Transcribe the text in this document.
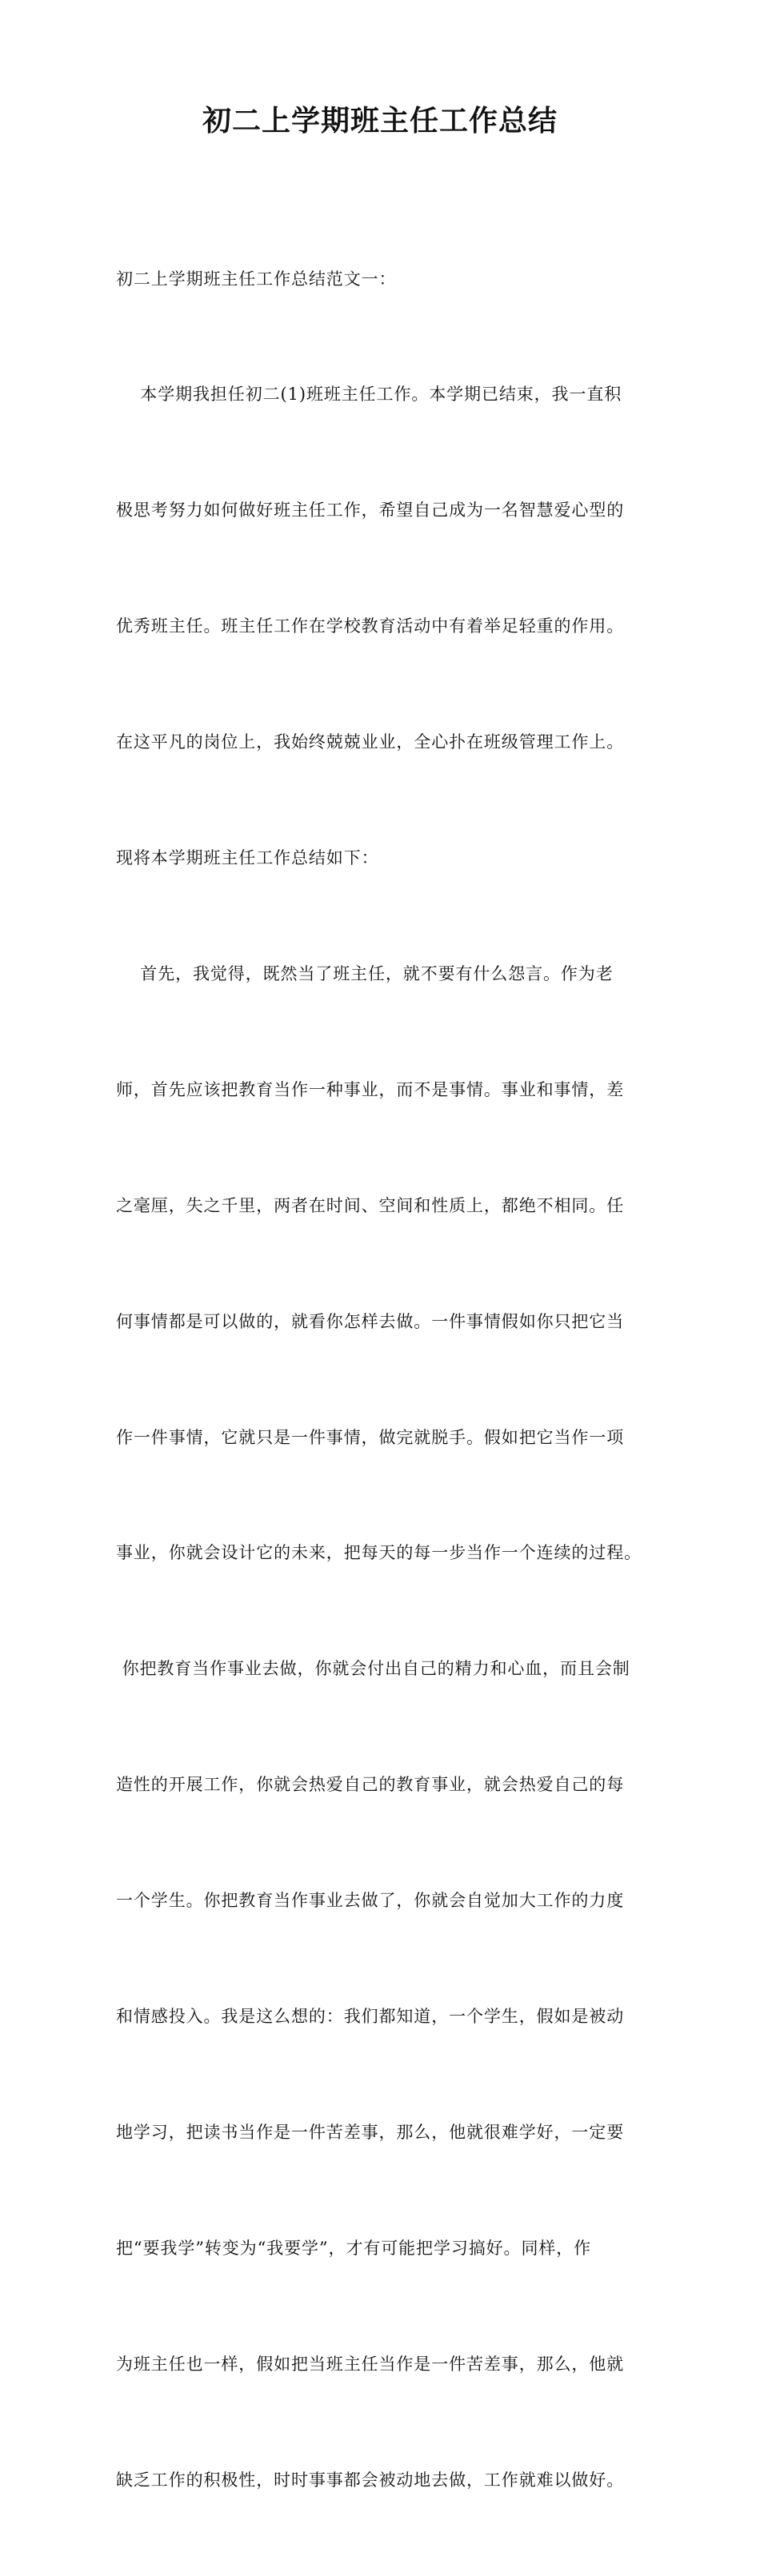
初二上学期班主任工作总结

初二上学期班主任工作总结范文一：

本学期我担任初二(1)班班主任工作。本学期已结束，我一直积

极思考努力如何做好班主任工作，希望自己成为一名智慧爱心型的

优秀班主任。班主任工作在学校教育活动中有着举足轻重的作用。

在这平凡的岗位上，我始终兢兢业业，全心扑在班级管理工作上。

现将本学期班主任工作总结如下：

首先，我觉得，既然当了班主任，就不要有什么怨言。作为老

师，首先应该把教育当作一种事业，而不是事情。事业和事情，差

之毫厘，失之千里，两者在时间、空间和性质上，都绝不相同。任

何事情都是可以做的，就看你怎样去做。一件事情假如你只把它当

作一件事情，它就只是一件事情，做完就脱手。假如把它当作一项

事业，你就会设计它的未来，把每天的每一步当作一个连续的过程。

你把教育当作事业去做，你就会付出自己的精力和心血，而且会制

造性的开展工作，你就会热爱自己的教育事业，就会热爱自己的每

一个学生。你把教育当作事业去做了，你就会自觉加大工作的力度

和情感投入。我是这么想的：我们都知道，一个学生，假如是被动

地学习，把读书当作是一件苦差事，那么，他就很难学好，一定要

把“要我学”转变为“我要学”，才有可能把学习搞好。同样，作

为班主任也一样，假如把当班主任当作是一件苦差事，那么，他就

缺乏工作的积极性，时时事事都会被动地去做，工作就难以做好。
